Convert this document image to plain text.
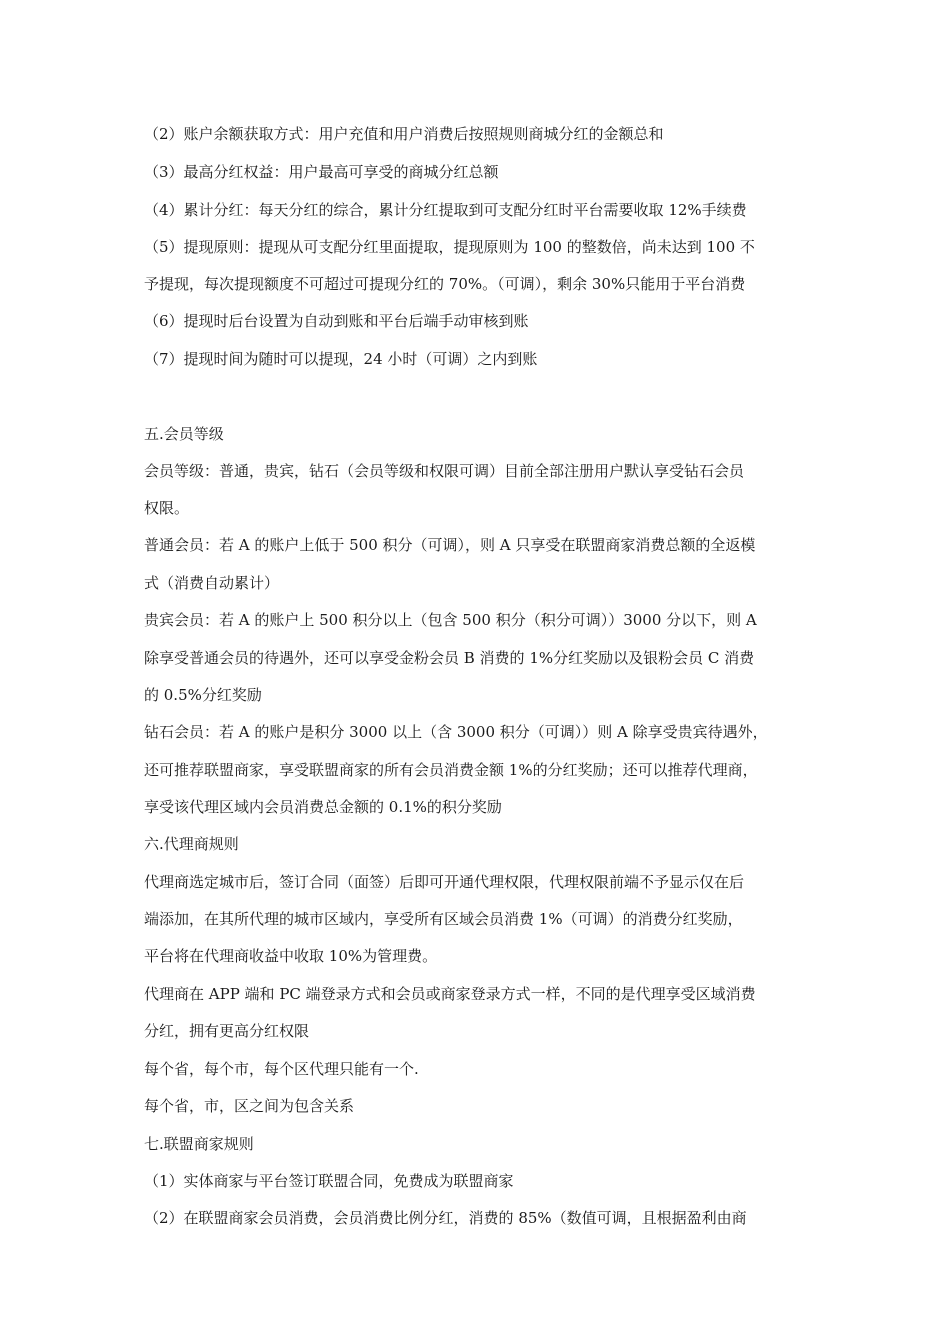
（2）账户余额获取方式：用户充值和用户消费后按照规则商城分红的金额总和
（3）最高分红权益：用户最高可享受的商城分红总额
（4）累计分红：每天分红的综合，累计分红提取到可支配分红时平台需要收取 12%手续费
（5）提现原则：提现从可支配分红里面提取，提现原则为 100 的整数倍，尚未达到 100 不
予提现，每次提现额度不可超过可提现分红的 70%。（可调），剩余 30%只能用于平台消费
（6）提现时后台设置为自动到账和平台后端手动审核到账
（7）提现时间为随时可以提现，24 小时（可调）之内到账
五.会员等级
会员等级：普通，贵宾，钻石（会员等级和权限可调）目前全部注册用户默认享受钻石会员
权限。
普通会员：若 A 的账户上低于 500 积分（可调），则 A 只享受在联盟商家消费总额的全返模
式（消费自动累计）
贵宾会员：若 A 的账户上 500 积分以上（包含 500 积分（积分可调））3000 分以下，则 A
除享受普通会员的待遇外，还可以享受金粉会员 B 消费的 1%分红奖励以及银粉会员 C 消费
的 0.5%分红奖励
钻石会员：若 A 的账户是积分 3000 以上（含 3000 积分（可调））则 A 除享受贵宾待遇外，
还可推荐联盟商家，享受联盟商家的所有会员消费金额 1%的分红奖励；还可以推荐代理商，
享受该代理区域内会员消费总金额的 0.1%的积分奖励
六.代理商规则
代理商选定城市后，签订合同（面签）后即可开通代理权限，代理权限前端不予显示仅在后
端添加，在其所代理的城市区域内，享受所有区域会员消费 1%（可调）的消费分红奖励，
平台将在代理商收益中收取 10%为管理费。
代理商在 APP 端和 PC 端登录方式和会员或商家登录方式一样，不同的是代理享受区域消费
分红，拥有更高分红权限
每个省，每个市，每个区代理只能有一个.
每个省，市，区之间为包含关系
七.联盟商家规则
（1）实体商家与平台签订联盟合同，免费成为联盟商家
（2）在联盟商家会员消费，会员消费比例分红，消费的 85%（数值可调，且根据盈利由商
